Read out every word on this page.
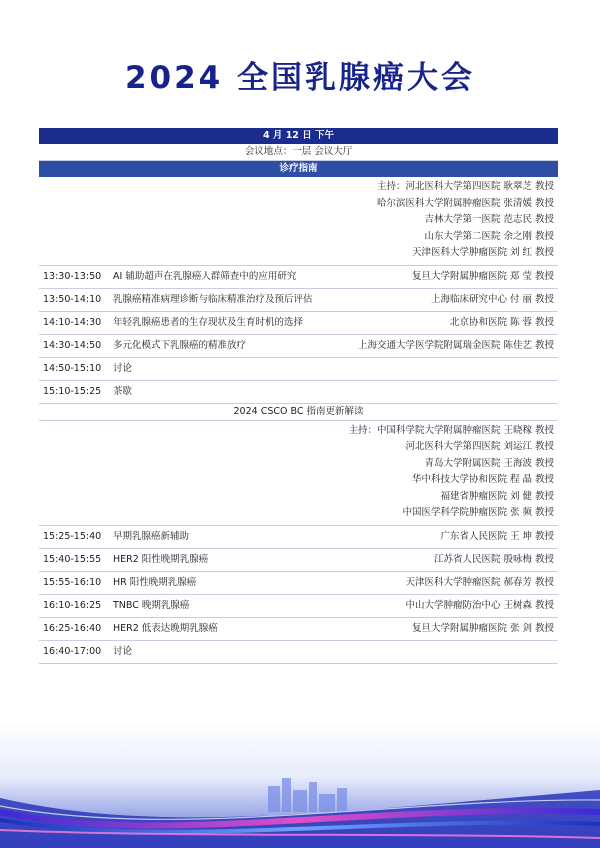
2024 全国乳腺癌大会
4 月 12 日 下午
会议地点：一层 会议大厅
诊疗指南
主持：河北医科大学第四医院 耿翠芝 教授
哈尔滨医科大学附属肿瘤医院 张清媛 教授
吉林大学第一医院 范志民 教授
山东大学第二医院 余之刚 教授
天津医科大学肿瘤医院 刘 红 教授
13:30-13:50	AI 辅助超声在乳腺癌人群筛查中的应用研究	复旦大学附属肿瘤医院 郑 莹 教授
13:50-14:10	乳腺癌精准病理诊断与临床精准治疗及预后评估	上海临床研究中心 付 丽 教授
14:10-14:30	年轻乳腺癌患者的生存现状及生育时机的选择	北京协和医院 陈 蓉 教授
14:30-14:50	多元化模式下乳腺癌的精准放疗	上海交通大学医学院附属瑞金医院 陈佳艺 教授
14:50-15:10	讨论
15:10-15:25	茶歇
2024 CSCO BC 指南更新解读
主持：中国科学院大学附属肿瘤医院 王晓稼 教授
河北医科大学第四医院 刘运江 教授
青岛大学附属医院 王海波 教授
华中科技大学协和医院 程 晶 教授
福建省肿瘤医院 刘 健 教授
中国医学科学院肿瘤医院 张 频 教授
15:25-15:40	早期乳腺癌新辅助	广东省人民医院 王 坤 教授
15:40-15:55	HER2 阳性晚期乳腺癌	江苏省人民医院 殷咏梅 教授
15:55-16:10	HR 阳性晚期乳腺癌	天津医科大学肿瘤医院 郝春芳 教授
16:10-16:25	TNBC 晚期乳腺癌	中山大学肿瘤防治中心 王树森 教授
16:25-16:40	HER2 低表达晚期乳腺癌	复旦大学附属肿瘤医院 张 剑 教授
16:40-17:00	讨论
